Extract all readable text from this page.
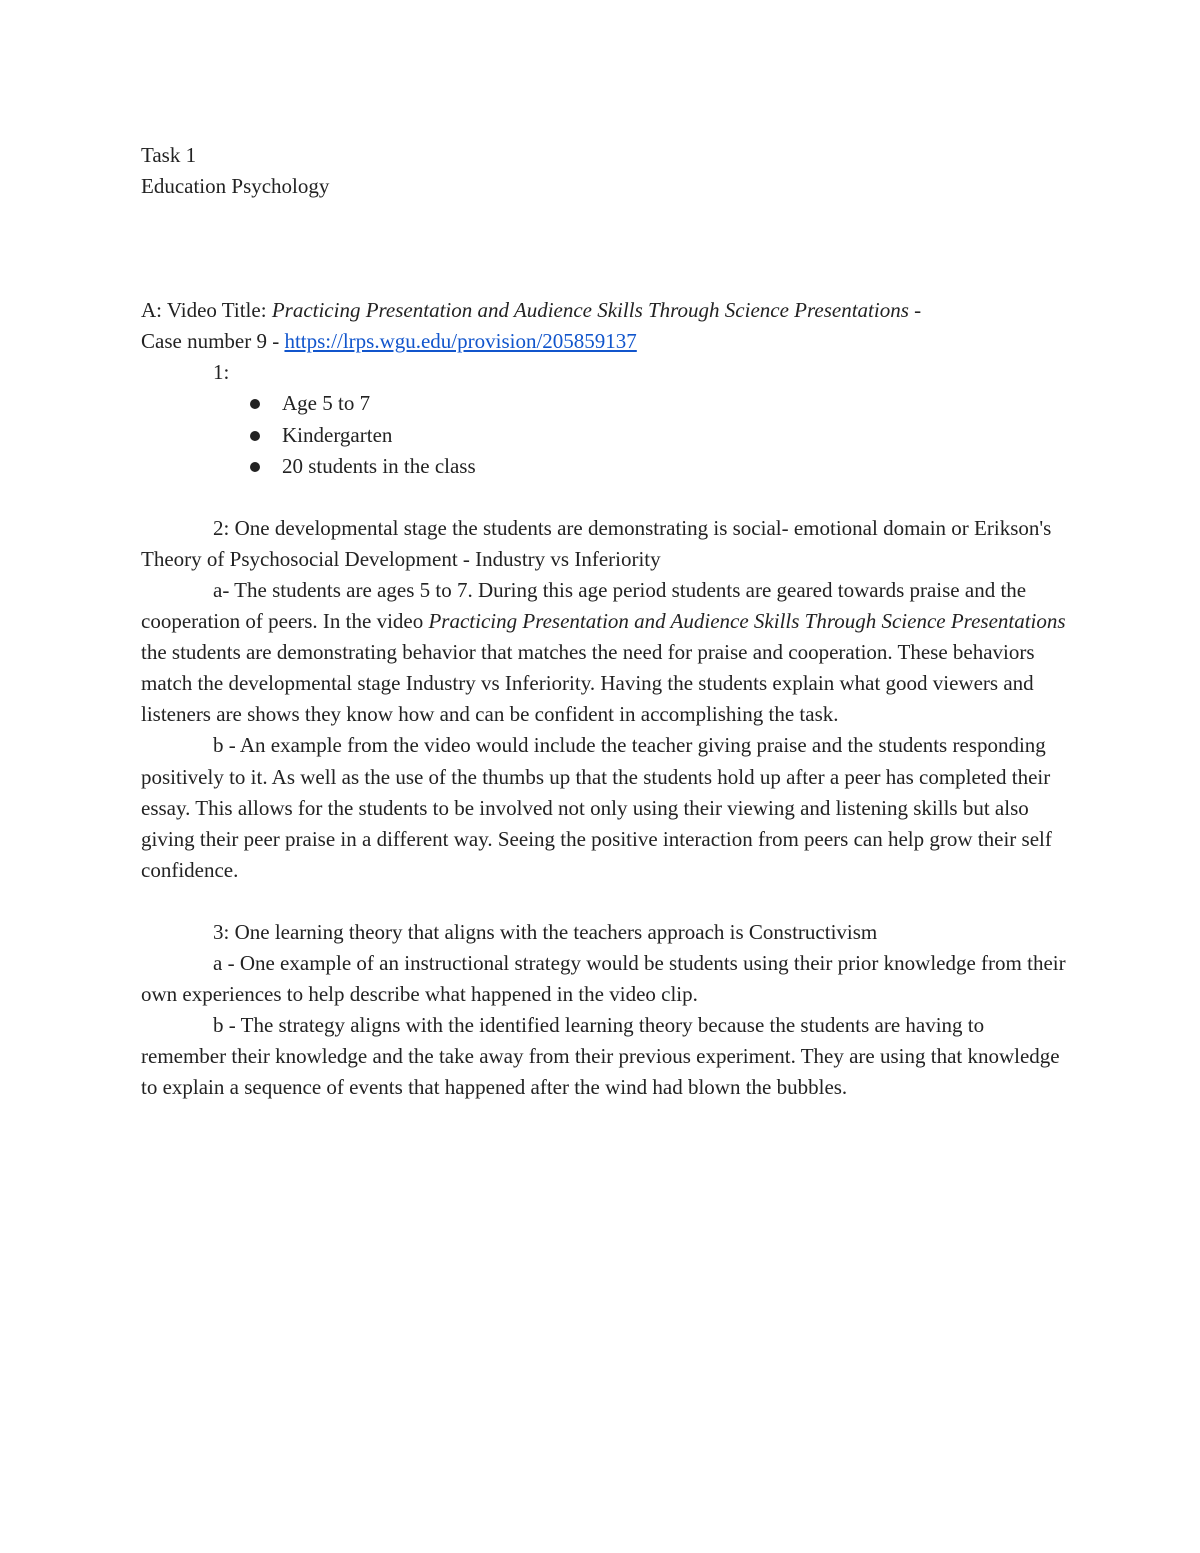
Task 1
Education Psychology
A: Video Title: Practicing Presentation and Audience Skills Through Science Presentations -
Case number 9 - https://lrps.wgu.edu/provision/205859137
1:
Age 5 to 7
Kindergarten
20 students in the class
2: One developmental stage the students are demonstrating is social- emotional domain or Erikson's Theory of Psychosocial Development - Industry vs Inferiority
a- The students are ages 5 to 7. During this age period students are geared towards praise and the cooperation of peers. In the video Practicing Presentation and Audience Skills Through Science Presentations the students are demonstrating behavior that matches the need for praise and cooperation. These behaviors match the developmental stage Industry vs Inferiority. Having the students explain what good viewers and listeners are shows they know how and can be confident in accomplishing the task.
b - An example from the video would include the teacher giving praise and the students responding positively to it. As well as the use of the thumbs up that the students hold up after a peer has completed their essay. This allows for the students to be involved not only using their viewing and listening skills but also giving their peer praise in a different way. Seeing the positive interaction from peers can help grow their self confidence.
3: One learning theory that aligns with the teachers approach is Constructivism
a - One example of an instructional strategy would be students using their prior knowledge from their own experiences to help describe what happened in the video clip.
b - The strategy aligns with the identified learning theory because the students are having to remember their knowledge and the take away from their previous experiment. They are using that knowledge to explain a sequence of events that happened after the wind had blown the bubbles.
